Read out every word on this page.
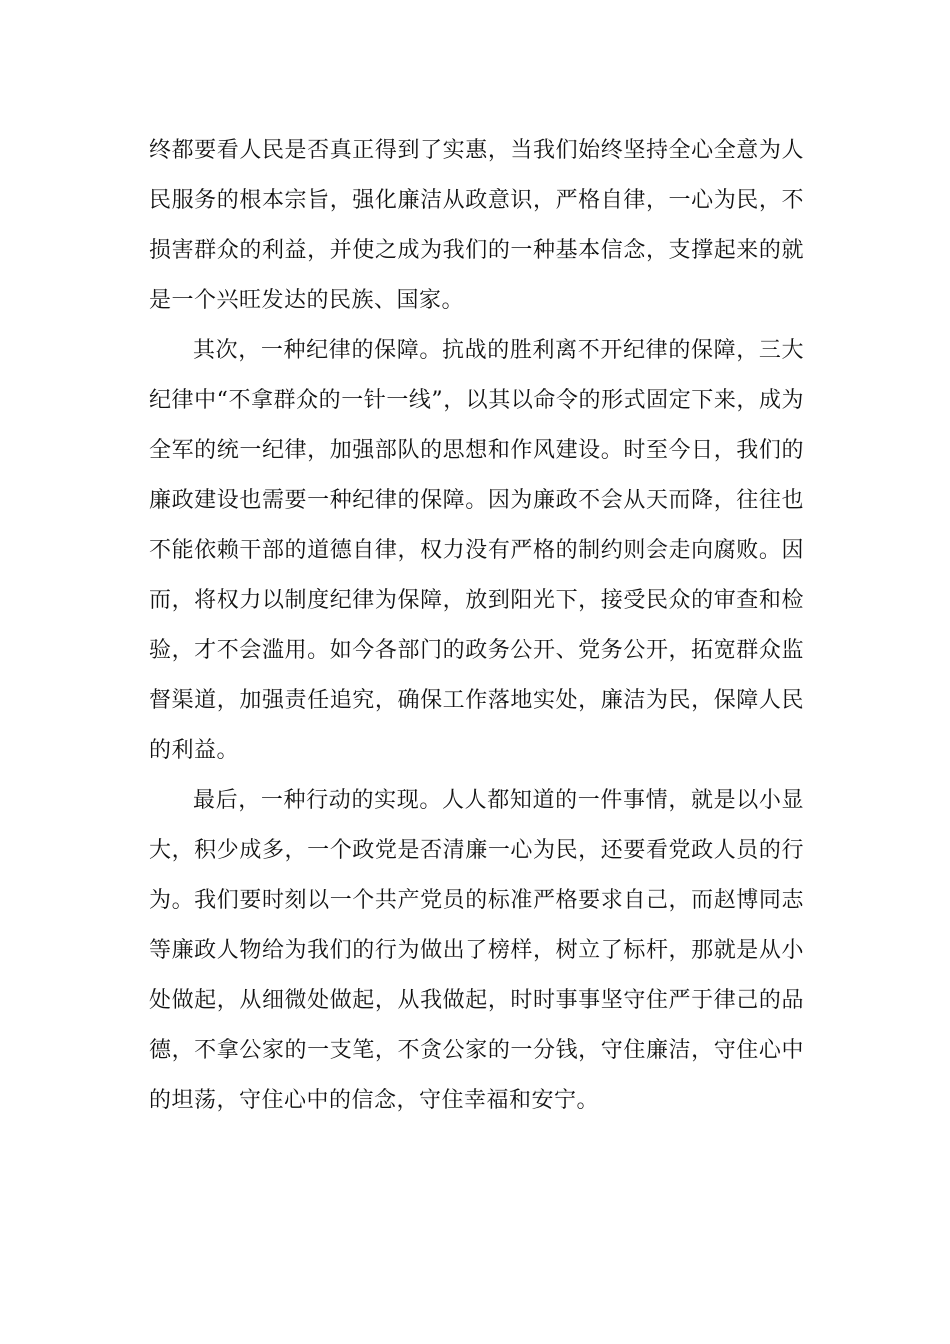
终都要看人民是否真正得到了实惠，当我们始终坚持全心全意为人民服务的根本宗旨，强化廉洁从政意识，严格自律，一心为民，不损害群众的利益，并使之成为我们的一种基本信念，支撑起来的就是一个兴旺发达的民族、国家。

其次，一种纪律的保障。抗战的胜利离不开纪律的保障，三大纪律中“不拿群众的一针一线”，以其以命令的形式固定下来，成为全军的统一纪律，加强部队的思想和作风建设。时至今日，我们的廉政建设也需要一种纪律的保障。因为廉政不会从天而降，往往也不能依赖干部的道德自律，权力没有严格的制约则会走向腐败。因而，将权力以制度纪律为保障，放到阳光下，接受民众的审查和检验，才不会滥用。如今各部门的政务公开、党务公开，拓宽群众监督渠道，加强责任追究，确保工作落地实处，廉洁为民，保障人民的利益。

最后，一种行动的实现。人人都知道的一件事情，就是以小显大，积少成多，一个政党是否清廉一心为民，还要看党政人员的行为。我们要时刻以一个共产党员的标准严格要求自己，而赵博同志等廉政人物给为我们的行为做出了榜样，树立了标杆，那就是从小处做起，从细微处做起，从我做起，时时事事坚守住严于律己的品德，不拿公家的一支笔，不贪公家的一分钱，守住廉洁，守住心中的坦荡，守住心中的信念，守住幸福和安宁。
